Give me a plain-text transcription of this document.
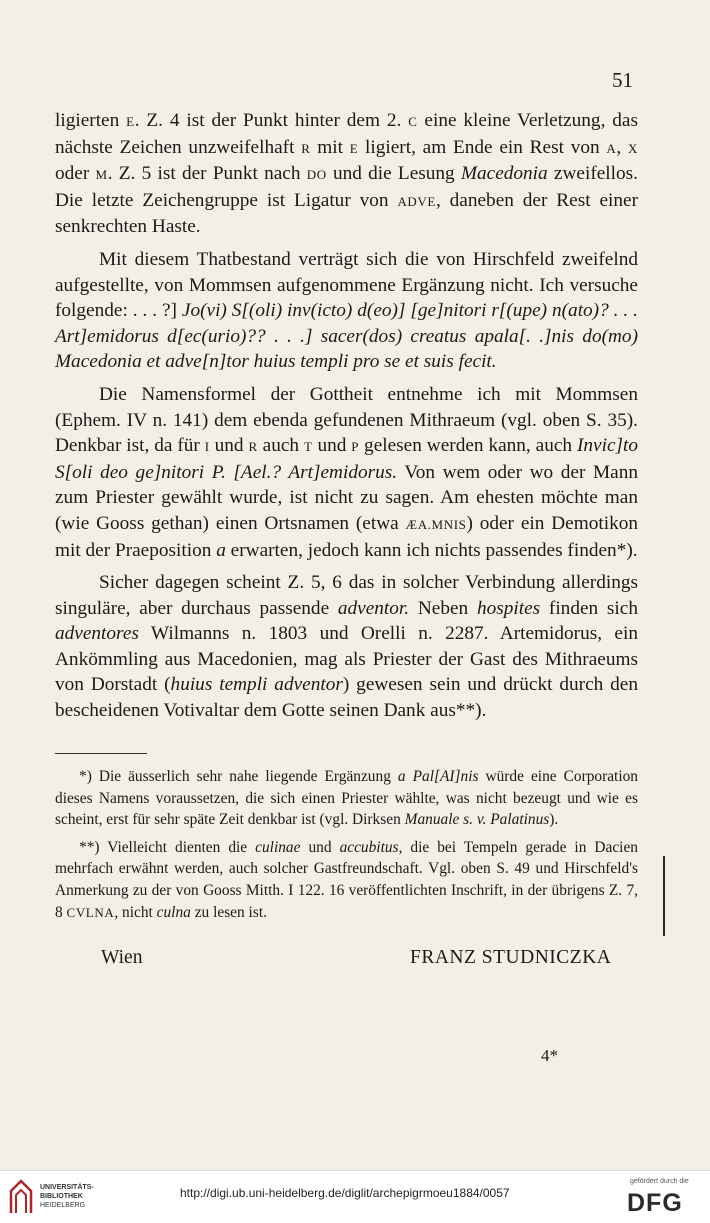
51

ligierten E. Z. 4 ist der Punkt hinter dem 2. C eine kleine Verletzung, das nächste Zeichen unzweifelhaft R mit E ligiert, am Ende ein Rest von A, X oder M. Z. 5 ist der Punkt nach DO und die Lesung Macedonia zweifellos. Die letzte Zeichengruppe ist Ligatur von ADVE, daneben der Rest einer senkrechten Haste.

Mit diesem Thatbestand verträgt sich die von Hirschfeld zweifelnd aufgestellte, von Mommsen aufgenommene Ergänzung nicht. Ich versuche folgende: . . . ?] Jo(vi) S[(oli) inv(icto) d(eo)] [ge]nitori r[(upe) n(ato)? . . . Art]emidorus d[ec(urio)?? . . .] sacer(dos) creatus apala[. .]nis do(mo) Macedonia et adve[n]tor huius templi pro se et suis fecit.

Die Namensformel der Gottheit entnehme ich mit Mommsen (Ephem. IV n. 141) dem ebenda gefundenen Mithraeum (vgl. oben S. 35). Denkbar ist, da für I und R auch T und P gelesen werden kann, auch Invic]to S[oli deo ge]nitori P. [Ael.? Art]emidorus. Von wem oder wo der Mann zum Priester gewählt wurde, ist nicht zu sagen. Am ehesten möchte man (wie Gooss gethan) einen Ortsnamen (etwa ÆA.MNIS) oder ein Demotikon mit der Praeposition a erwarten, jedoch kann ich nichts passendes finden*).

Sicher dagegen scheint Z. 5, 6 das in solcher Verbindung allerdings singuläre, aber durchaus passende adventor. Neben hospites finden sich adventores Wilmanns n. 1803 und Orelli n. 2287. Artemidorus, ein Ankömmling aus Macedonien, mag als Priester der Gast des Mithraeums von Dorstadt (huius templi adventor) gewesen sein und drückt durch den bescheidenen Votivaltar dem Gotte seinen Dank aus**).

*) Die äusserlich sehr nahe liegende Ergänzung a Pal[ΑΙ]nis würde eine Corporation dieses Namens voraussetzen, die sich einen Priester wählte, was nicht bezeugt und wie es scheint, erst für sehr späte Zeit denkbar ist (vgl. Dirksen Manuale s. v. Palatinus).

**) Vielleicht dienten die culinae und accubitus, die bei Tempeln gerade in Dacien mehrfach erwähnt werden, auch solcher Gastfreundschaft. Vgl. oben S. 49 und Hirschfeld's Anmerkung zu der von Gooss Mitth. I 122. 16 veröffentlichten Inschrift, in der übrigens Z. 7, 8 CVLNA, nicht culna zu lesen ist.

Wien	FRANZ STUDNICZKA
4*
UNIVERSITÄTS-
BIBLIOTHEK
HEIDELBERG
http://digi.ub.uni-heidelberg.de/diglit/archepigrmoeu1884/0057
gefördert durch die
DFG
